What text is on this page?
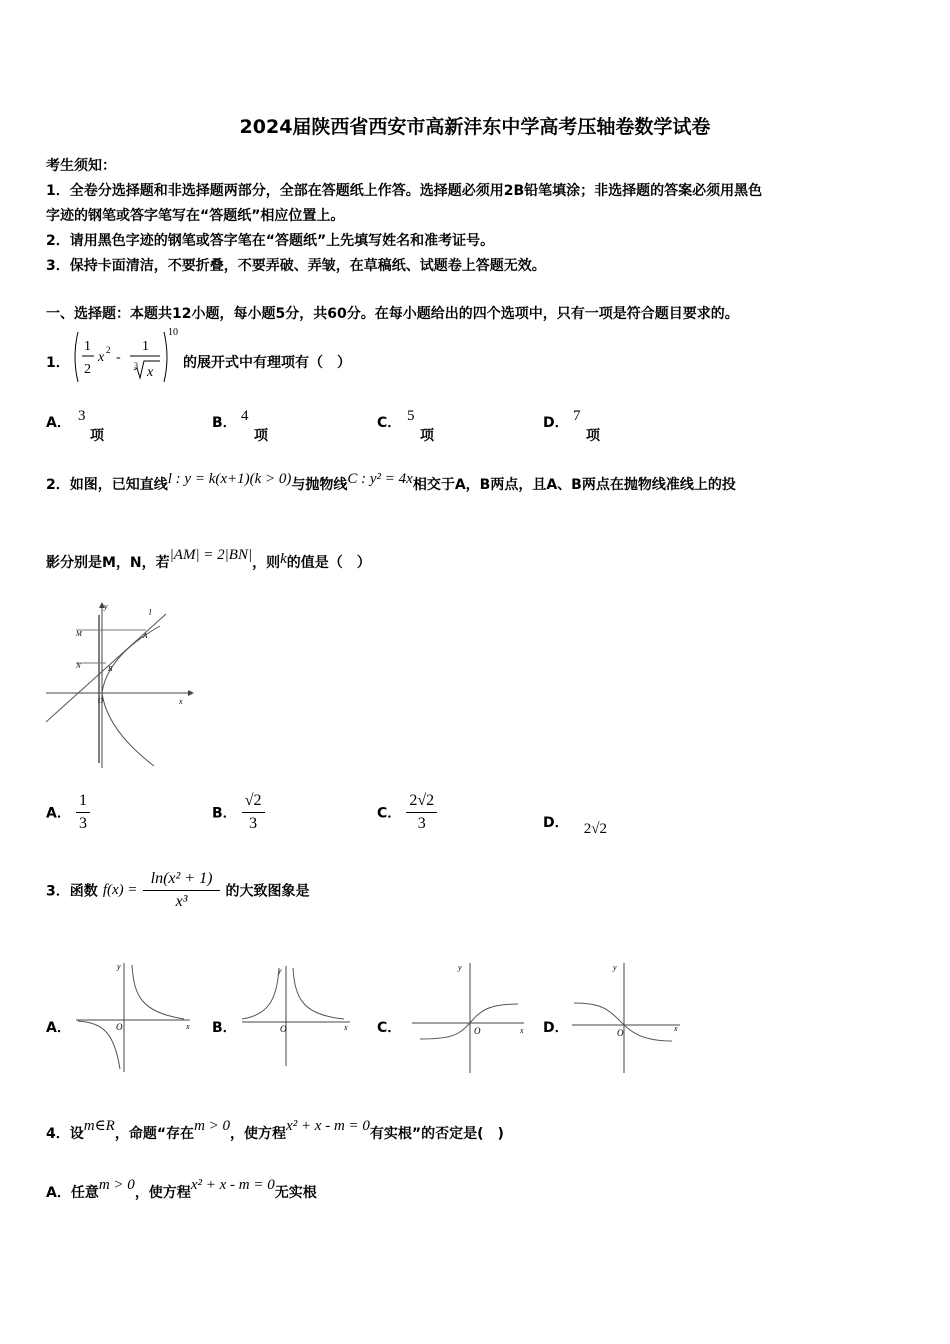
2024届陕西省西安市高新沣东中学高考压轴卷数学试卷
考生须知：
1．全卷分选择题和非选择题两部分，全部在答题纸上作答。选择题必须用2B铅笔填涂；非选择题的答案必须用黑色
字迹的钢笔或答字笔写在“答题纸”相应位置上。
2．请用黑色字迹的钢笔或答字笔在“答题纸”上先填写姓名和准考证号。
3．保持卡面清洁，不要折叠，不要弄破、弄皱，在草稿纸、试题卷上答题无效。
一、选择题：本题共12小题，每小题5分，共60分。在每小题给出的四个选项中，只有一项是符合题目要求的。
1．
1
2
x 2 -
1
3 x
10
的展开式中有理项有（　）
A． 3
项
B． 4
项
C． 5
项
D． 7
项
2．如图，已知直线l : y = k(x+1)(k > 0)与抛物线C : y² = 4x相交于A，B两点，且A、B两点在抛物线准线上的投
影分别是M，N，若|AM| = 2|BN|，则k的值是（　）
y
x
l
M
N
A
B
O
A． $\frac{1}{3}$	B． $\frac{√2}{3}$	C． $\frac{2√2}{3}$	D． 2√2
3．函数 $f(x) = \frac{\text{ln(x² + 1)}}{\text{x³}}$ 的大致图象是
A．	x
y
O	B．	x
y
O	C．	x
y
O	D．	x
y
O
4．设m∈R，命题“存在m > 0，使方程x² + x - m = 0有实根”的否定是(　)
A．任意m > 0，使方程x² + x - m = 0无实根
